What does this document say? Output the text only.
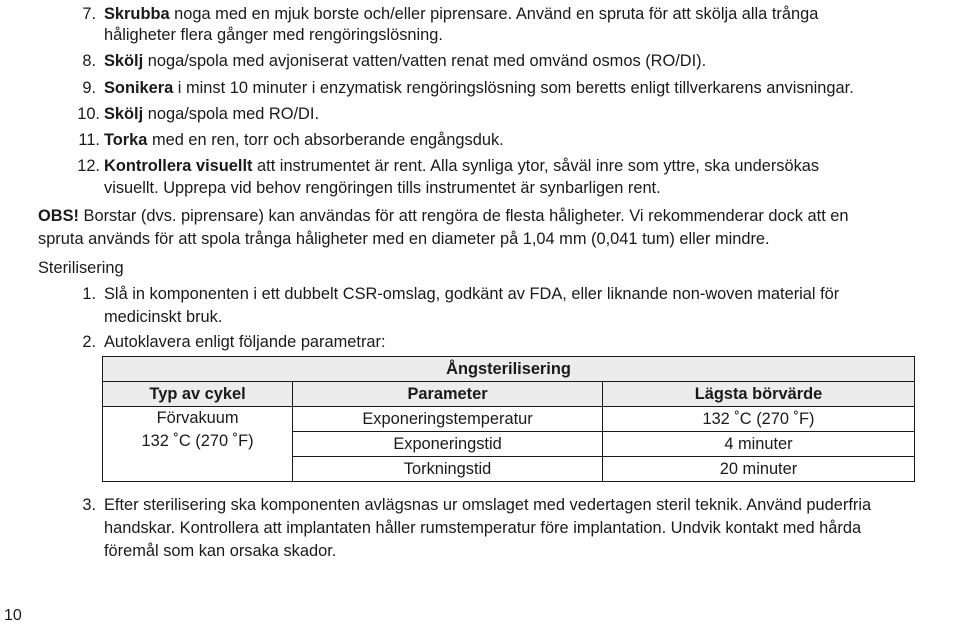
7. Skrubba noga med en mjuk borste och/eller piprensare. Använd en spruta för att skölja alla trånga
håligheter flera gånger med rengöringslösning.
8. Skölj noga/spola med avjoniserat vatten/vatten renat med omvänd osmos (RO/DI).
9. Sonikera i minst 10 minuter i enzymatisk rengöringslösning som beretts enligt tillverkarens anvisningar.
10. Skölj noga/spola med RO/DI.
11. Torka med en ren, torr och absorberande engångsduk.
12. Kontrollera visuellt att instrumentet är rent. Alla synliga ytor, såväl inre som yttre, ska undersökas
visuellt. Upprepa vid behov rengöringen tills instrumentet är synbarligen rent.
OBS! Borstar (dvs. piprensare) kan användas för att rengöra de flesta håligheter. Vi rekommenderar dock att en
spruta används för att spola trånga håligheter med en diameter på 1,04 mm (0,041 tum) eller mindre.
Sterilisering
1. Slå in komponenten i ett dubbelt CSR-omslag, godkänt av FDA, eller liknande non-woven material för
medicinskt bruk.
2. Autoklavera enligt följande parametrar:
Ångsterilisering		
Typ av cykel	Parameter	Lägsta börvärde

Förvakuum
132 ˚C (270 ˚F)	Exponeringstemperatur	132 ˚C (270 ˚F)
	Exponeringstid	4 minuter
	Torkningstid	20 minuter
3. Efter sterilisering ska komponenten avlägsnas ur omslaget med vedertagen steril teknik. Använd puderfria
handskar. Kontrollera att implantaten håller rumstemperatur före implantation. Undvik kontakt med hårda
föremål som kan orsaka skador.
10
